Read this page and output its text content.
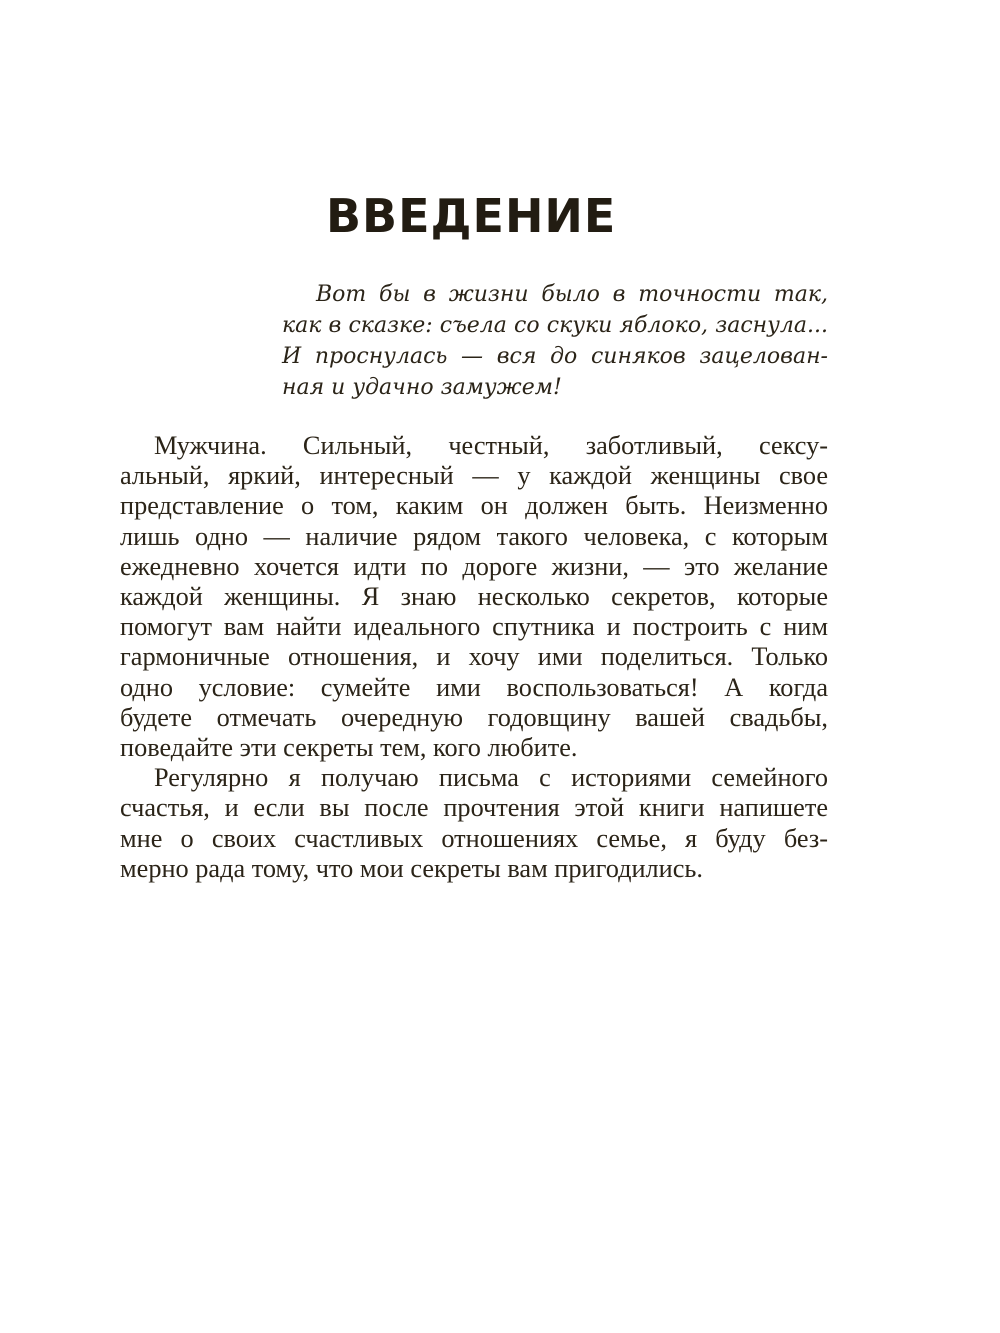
ВВЕДЕНИЕ
Вот бы в жизни было в точности так,
как в сказке: съела со скуки яблоко, заснула...
И проснулась — вся до синяков зацелован-
ная и удачно замужем!
Мужчина. Сильный, честный, заботливый, сексу-
альный, яркий, интересный — у каждой женщины свое
представление о том, каким он должен быть. Неизменно
лишь одно — наличие рядом такого человека, с которым
ежедневно хочется идти по дороге жизни, — это желание
каждой женщины. Я знаю несколько секретов, которые
помогут вам найти идеального спутника и построить с ним
гармоничные отношения, и хочу ими поделиться. Только
одно условие: сумейте ими воспользоваться! А когда
будете отмечать очередную годовщину вашей свадьбы,
поведайте эти секреты тем, кого любите.
Регулярно я получаю письма с историями семейного
счастья, и если вы после прочтения этой книги напишете
мне о своих счастливых отношениях семье, я буду без-
мерно рада тому, что мои секреты вам пригодились.
